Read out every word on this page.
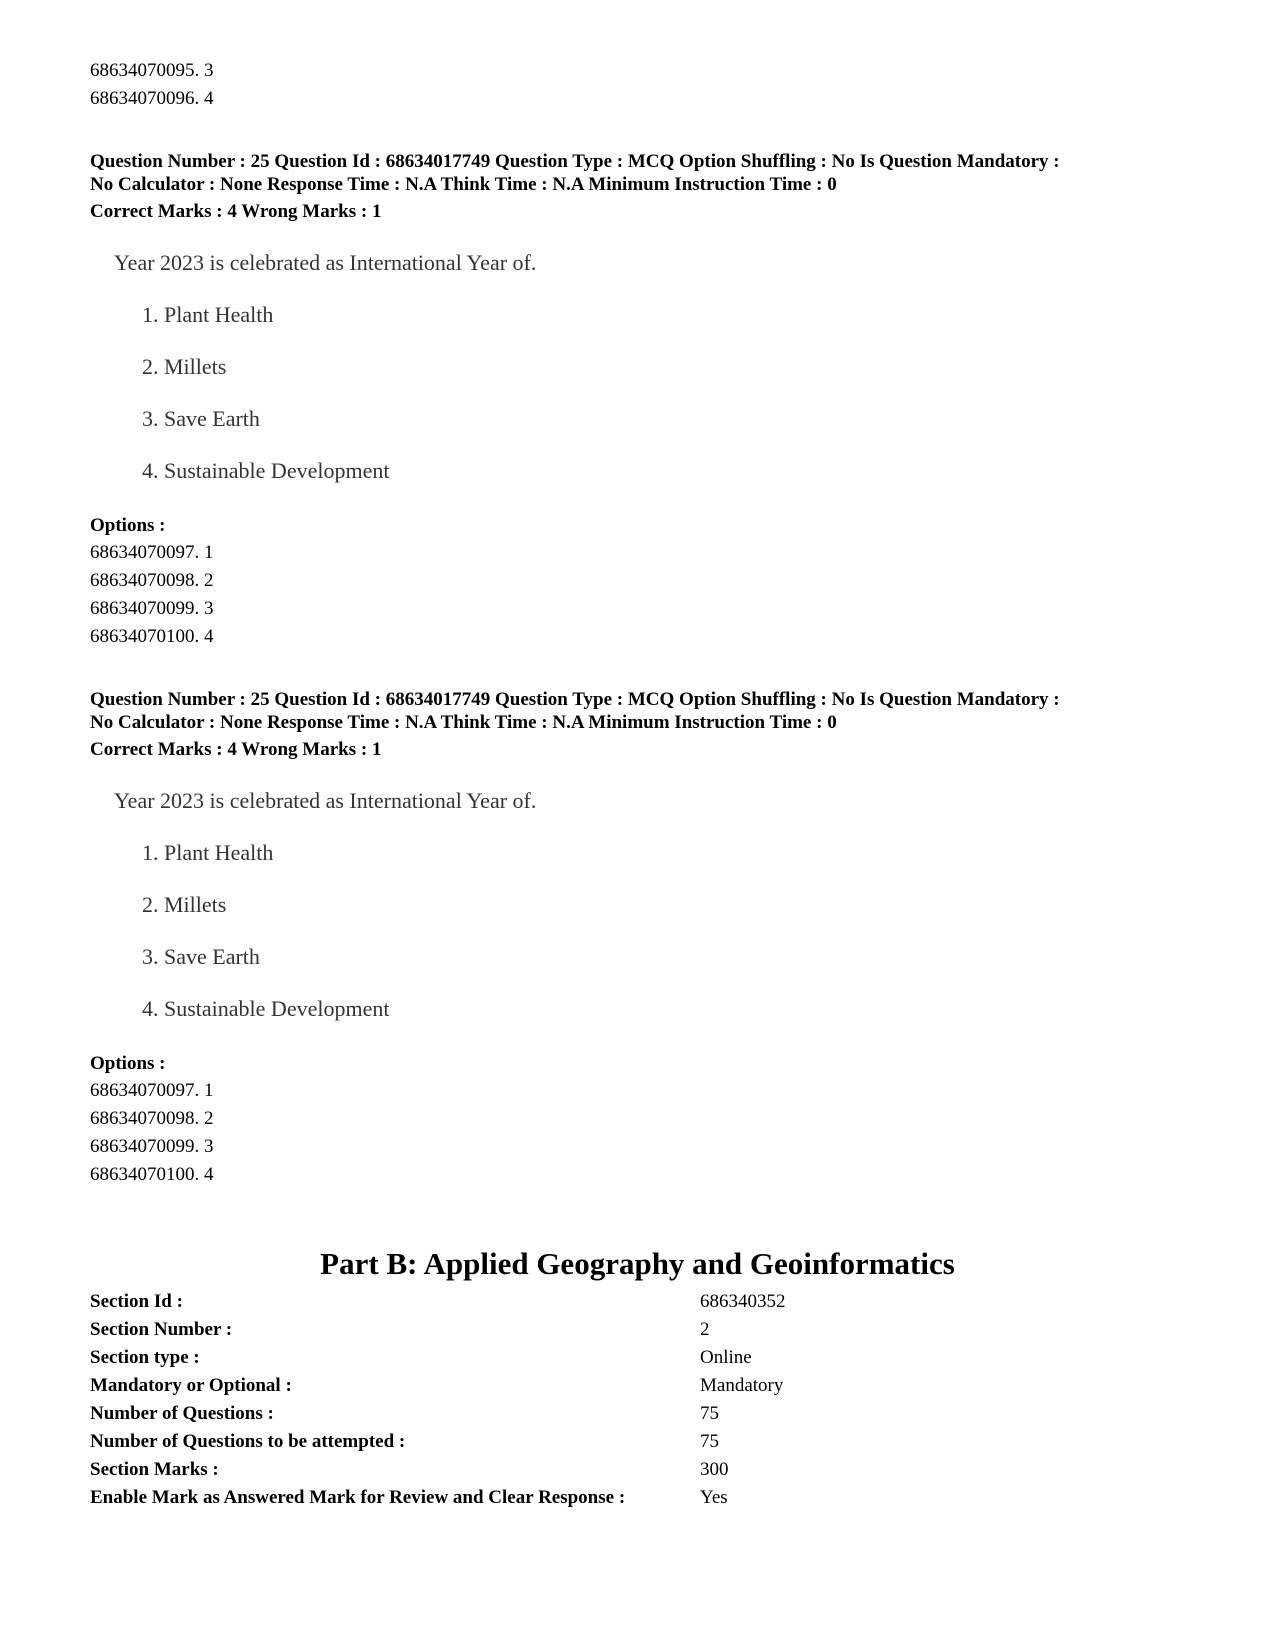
68634070095. 3
68634070096. 4
Question Number : 25 Question Id : 68634017749 Question Type : MCQ Option Shuffling : No Is Question Mandatory :
No Calculator : None Response Time : N.A Think Time : N.A Minimum Instruction Time : 0
Correct Marks : 4 Wrong Marks : 1
Year 2023 is celebrated as International Year of.
1. Plant Health
2. Millets
3. Save Earth
4. Sustainable Development
Options :
68634070097. 1
68634070098. 2
68634070099. 3
68634070100. 4
Question Number : 25 Question Id : 68634017749 Question Type : MCQ Option Shuffling : No Is Question Mandatory :
No Calculator : None Response Time : N.A Think Time : N.A Minimum Instruction Time : 0
Correct Marks : 4 Wrong Marks : 1
Year 2023 is celebrated as International Year of.
1. Plant Health
2. Millets
3. Save Earth
4. Sustainable Development
Options :
68634070097. 1
68634070098. 2
68634070099. 3
68634070100. 4
Part B: Applied Geography and Geoinformatics
Section Id :	686340352
Section Number :	2
Section type :	Online
Mandatory or Optional :	Mandatory
Number of Questions :	75
Number of Questions to be attempted :	75
Section Marks :	300
Enable Mark as Answered Mark for Review and Clear Response :	Yes
